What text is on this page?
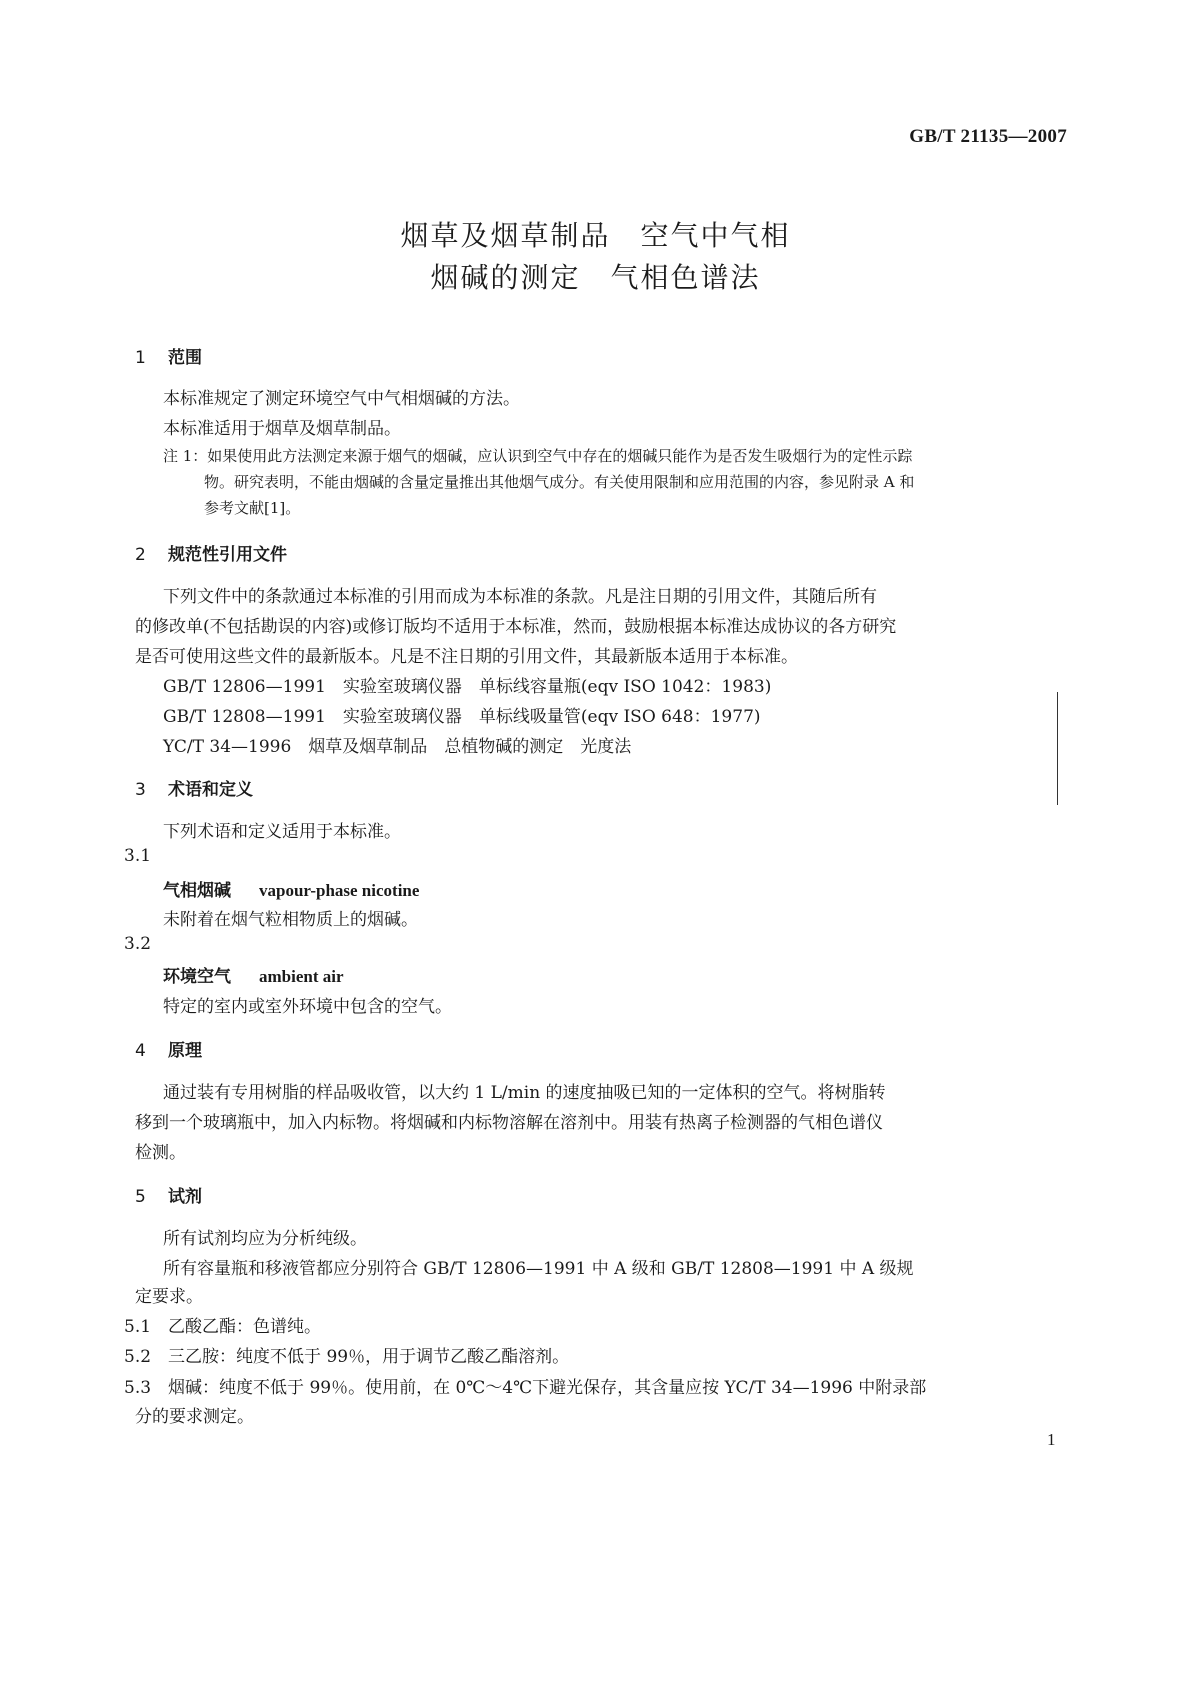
GB/T 21135—2007
烟草及烟草制品　空气中气相
烟碱的测定　气相色谱法
1 范围
本标准规定了测定环境空气中气相烟碱的方法。
本标准适用于烟草及烟草制品。
注 1：如果使用此方法测定来源于烟气的烟碱，应认识到空气中存在的烟碱只能作为是否发生吸烟行为的定性示踪
物。研究表明，不能由烟碱的含量定量推出其他烟气成分。有关使用限制和应用范围的内容，参见附录 A 和
参考文献[1]。
2 规范性引用文件
下列文件中的条款通过本标准的引用而成为本标准的条款。凡是注日期的引用文件，其随后所有
的修改单(不包括勘误的内容)或修订版均不适用于本标准，然而，鼓励根据本标准达成协议的各方研究
是否可使用这些文件的最新版本。凡是不注日期的引用文件，其最新版本适用于本标准。
GB/T 12806—1991　实验室玻璃仪器　单标线容量瓶(eqv ISO 1042：1983)
GB/T 12808—1991　实验室玻璃仪器　单标线吸量管(eqv ISO 648：1977)
YC/T 34—1996　烟草及烟草制品　总植物碱的测定　光度法
3 术语和定义
下列术语和定义适用于本标准。
3.1
气相烟碱 vapour-phase nicotine
未附着在烟气粒相物质上的烟碱。
3.2
环境空气 ambient air
特定的室内或室外环境中包含的空气。
4 原理
通过装有专用树脂的样品吸收管，以大约 1 L/min 的速度抽吸已知的一定体积的空气。将树脂转
移到一个玻璃瓶中，加入内标物。将烟碱和内标物溶解在溶剂中。用装有热离子检测器的气相色谱仪
检测。
5 试剂
所有试剂均应为分析纯级。
所有容量瓶和移液管都应分别符合 GB/T 12806—1991 中 A 级和 GB/T 12808—1991 中 A 级规
定要求。
5.1　乙酸乙酯：色谱纯。
5.2　三乙胺：纯度不低于 99％，用于调节乙酸乙酯溶剂。
5.3　烟碱：纯度不低于 99％。使用前，在 0℃～4℃下避光保存，其含量应按 YC/T 34—1996 中附录部
分的要求测定。
1
